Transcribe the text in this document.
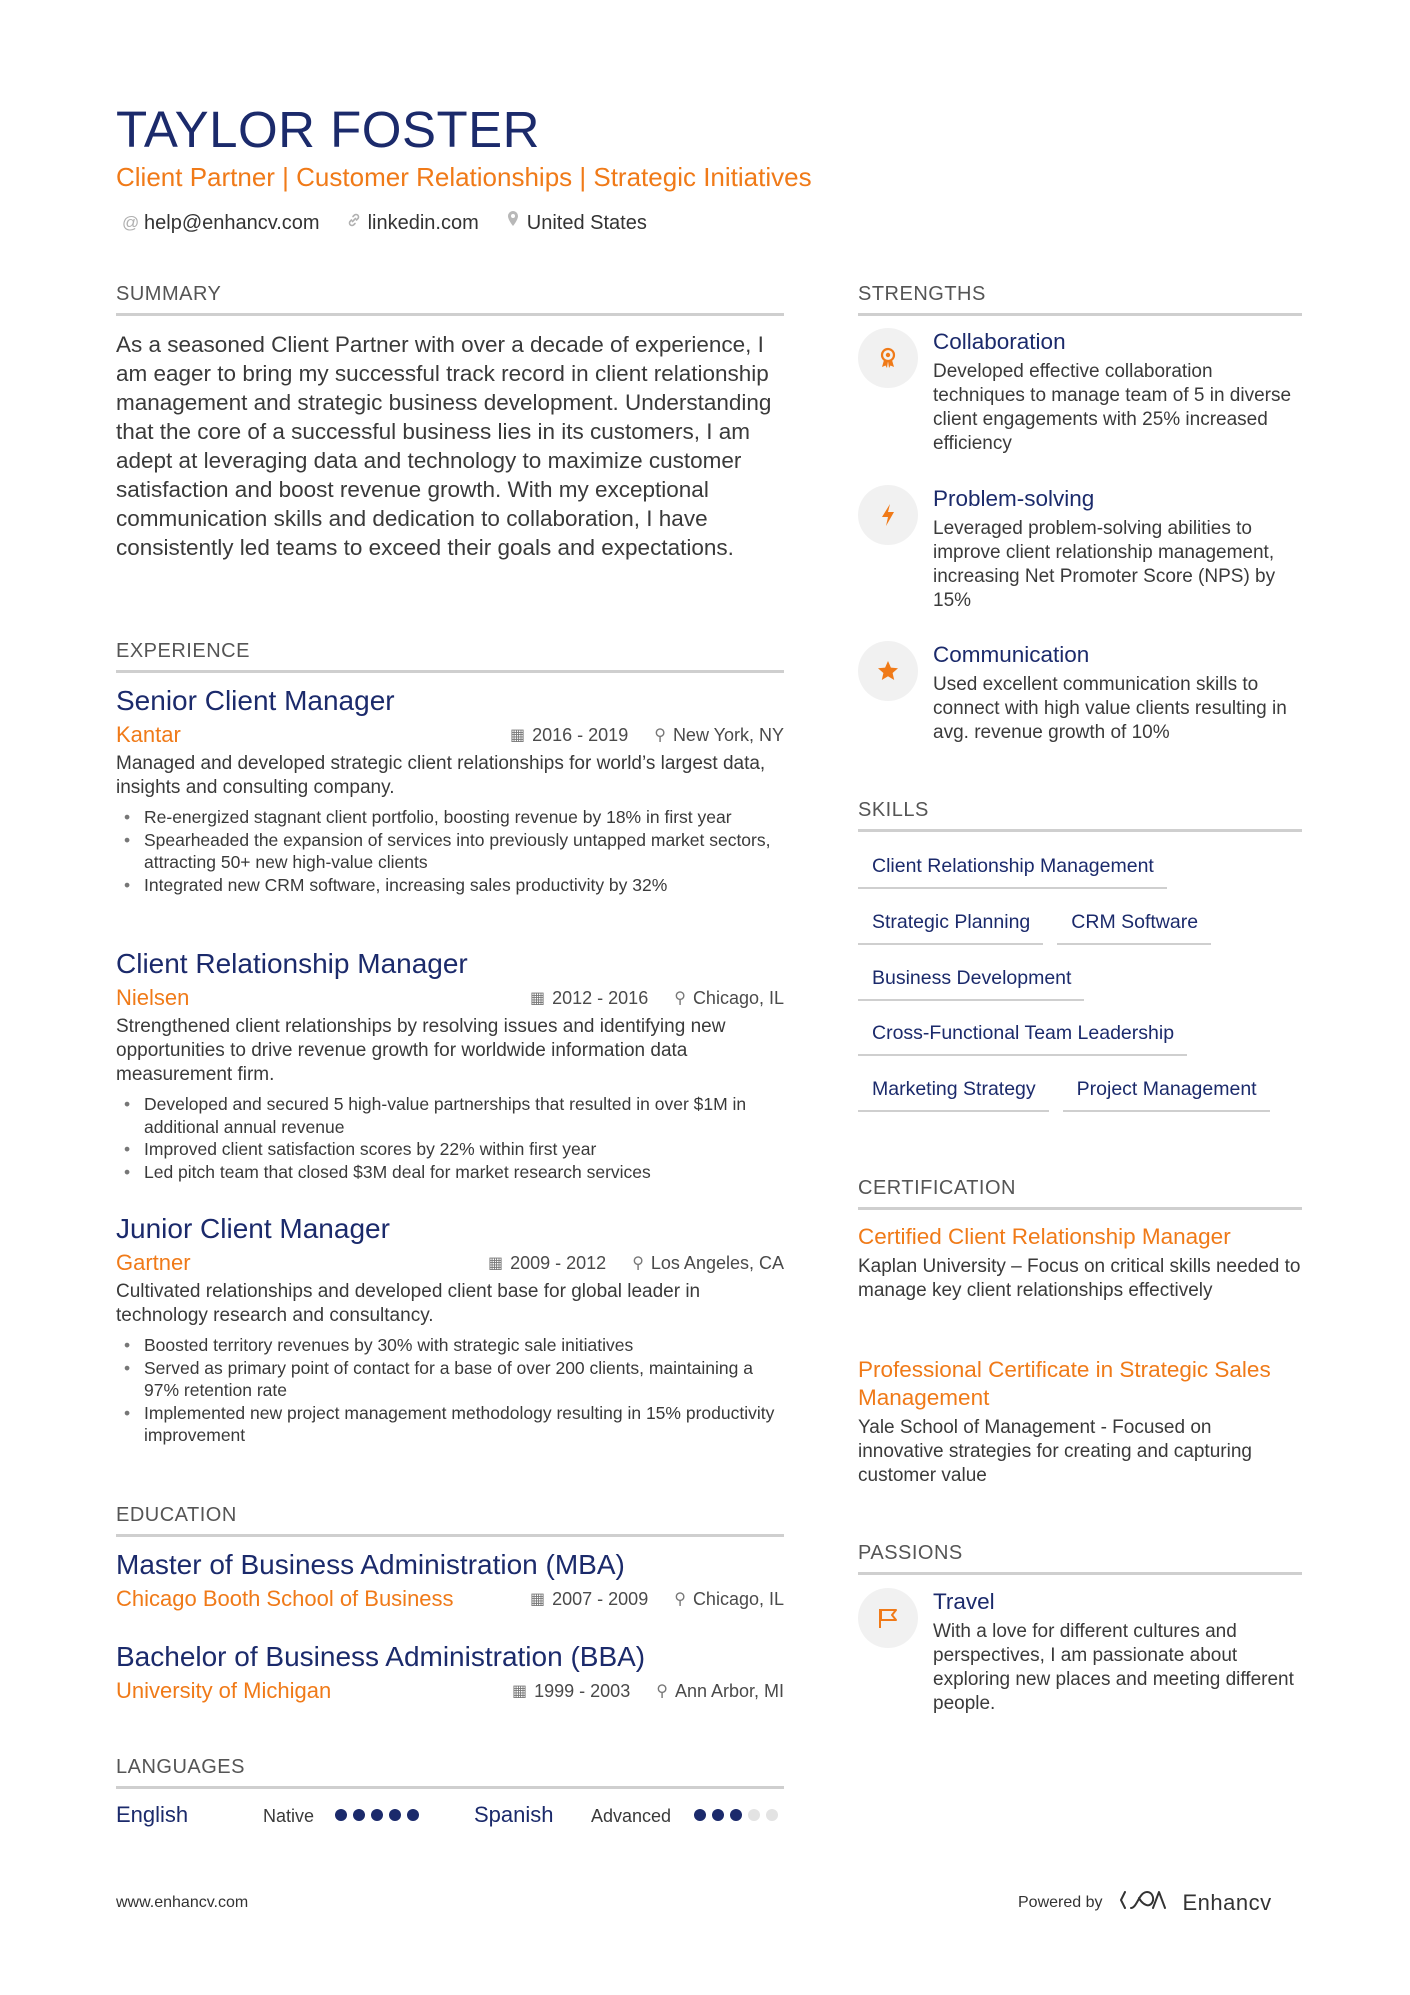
TAYLOR FOSTER
Client Partner | Customer Relationships | Strategic Initiatives
@ help@enhancv.com linkedin.com United States
SUMMARY

As a seasoned Client Partner with over a decade of experience, I am eager to bring my successful track record in client relationship management and strategic business development. Understanding that the core of a successful business lies in its customers, I am adept at leveraging data and technology to maximize customer satisfaction and boost revenue growth. With my exceptional communication skills and dedication to collaboration, I have consistently led teams to exceed their goals and expectations.

EXPERIENCE
Senior Client Manager
Kantar	▦ 2016 - 2019 ⚲ New York, NY
Managed and developed strategic client relationships for world’s largest data, insights and consulting company.
• Re-energized stagnant client portfolio, boosting revenue by 18% in first year
• Spearheaded the expansion of services into previously untapped market sectors, attracting 50+ new high-value clients
• Integrated new CRM software, increasing sales productivity by 32%
Client Relationship Manager
Nielsen	▦ 2012 - 2016 ⚲ Chicago, IL
Strengthened client relationships by resolving issues and identifying new opportunities to drive revenue growth for worldwide information data measurement firm.
• Developed and secured 5 high-value partnerships that resulted in over $1M in additional annual revenue
• Improved client satisfaction scores by 22% within first year
• Led pitch team that closed $3M deal for market research services
Junior Client Manager
Gartner	▦ 2009 - 2012 ⚲ Los Angeles, CA
Cultivated relationships and developed client base for global leader in technology research and consultancy.
• Boosted territory revenues by 30% with strategic sale initiatives
• Served as primary point of contact for a base of over 200 clients, maintaining a 97% retention rate
• Implemented new project management methodology resulting in 15% productivity improvement
EDUCATION
Master of Business Administration (MBA)
Chicago Booth School of Business	▦ 2007 - 2009 ⚲ Chicago, IL
Bachelor of Business Administration (BBA)
University of Michigan	▦ 1999 - 2003 ⚲ Ann Arbor, MI
LANGUAGES
English	Native	Spanish Advanced
STRENGTHS
Collaboration
Developed effective collaboration techniques to manage team of 5 in diverse client engagements with 25% increased efficiency
Problem-solving
Leveraged problem-solving abilities to improve client relationship management, increasing Net Promoter Score (NPS) by 15%
Communication
Used excellent communication skills to connect with high value clients resulting in avg. revenue growth of 10%
SKILLS
Client Relationship Management
Strategic Planning	CRM Software
Business Development
Cross-Functional Team Leadership
Marketing Strategy	Project Management
CERTIFICATION
Certified Client Relationship Manager
Kaplan University – Focus on critical skills needed to manage key client relationships effectively
Professional Certificate in Strategic Sales Management
Yale School of Management - Focused on innovative strategies for creating and capturing customer value
PASSIONS
Travel
With a love for different cultures and perspectives, I am passionate about exploring new places and meeting different people.
www.enhancv.com	Powered by	Enhancv
